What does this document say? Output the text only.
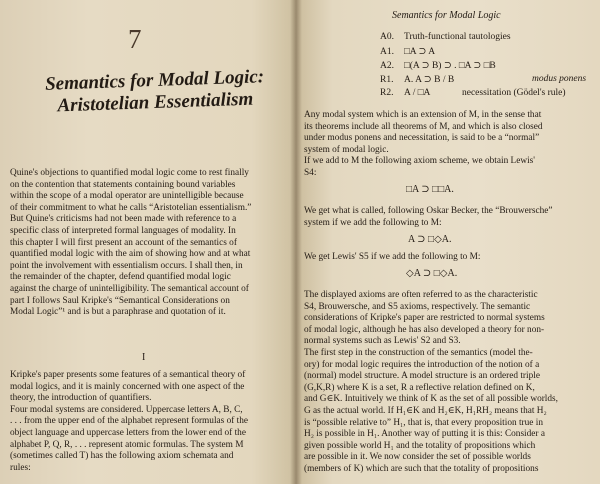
7
Semantics for Modal Logic:
Aristotelian Essentialism
Quine's objections to quantified modal logic come to rest finally
on the contention that statements containing bound variables
within the scope of a modal operator are unintelligible because
of their commitment to what he calls “Aristotelian essentialism.”
But Quine's criticisms had not been made with reference to a
specific class of interpreted formal languages of modality. In
this chapter I will first present an account of the semantics of
quantified modal logic with the aim of showing how and at what
point the involvement with essentialism occurs. I shall then, in
the remainder of the chapter, defend quantified modal logic
against the charge of unintelligibility. The semantical account of
part I follows Saul Kripke's “Semantical Considerations on
Modal Logic”¹ and is but a paraphrase and quotation of it.
I
Kripke's paper presents some features of a semantical theory of
modal logics, and it is mainly concerned with one aspect of the
theory, the introduction of quantifiers.
Four modal systems are considered. Uppercase letters A, B, C,
. . . from the upper end of the alphabet represent formulas of the
object language and uppercase letters from the lower end of the
alphabet P, Q, R, . . . represent atomic formulas. The system M
(sometimes called T) has the following axiom schemata and
rules:
Semantics for Modal Logic
A0. Truth-functional tautologies
A1. □A ⊃ A
A2. □(A ⊃ B) ⊃ . □A ⊃ □B
R1. A. A ⊃ B / B	modus ponens
R2. A / □A	necessitation (Gödel's rule)
Any modal system which is an extension of M, in the sense that
its theorems include all theorems of M, and which is also closed
under modus ponens and necessitation, is said to be a “normal”
system of modal logic.
If we add to M the following axiom scheme, we obtain Lewis'
S4:
□A ⊃ □□A.
We get what is called, following Oskar Becker, the “Brouwersche”
system if we add the following to M:
A ⊃ □◇A.
We get Lewis' S5 if we add the following to M:
◇A ⊃ □◇A.
The displayed axioms are often referred to as the characteristic
S4, Brouwersche, and S5 axioms, respectively. The semantic
considerations of Kripke's paper are restricted to normal systems
of modal logic, although he has also developed a theory for non-
normal systems such as Lewis' S2 and S3.
The first step in the construction of the semantics (model the-
ory) for modal logic requires the introduction of the notion of a
(normal) model structure. A model structure is an ordered triple
(G,K,R) where K is a set, R a reflective relation defined on K,
and G∈K. Intuitively we think of K as the set of all possible worlds,
G as the actual world. If H₁∈K and H₂∈K, H₁RH₂ means that H₂
is “possible relative to” H₁, that is, that every proposition true in
H₂ is possible in H₁. Another way of putting it is this: Consider a
given possible world H₁ and the totality of propositions which
are possible in it. We now consider the set of possible worlds
(members of K) which are such that the totality of propositions
